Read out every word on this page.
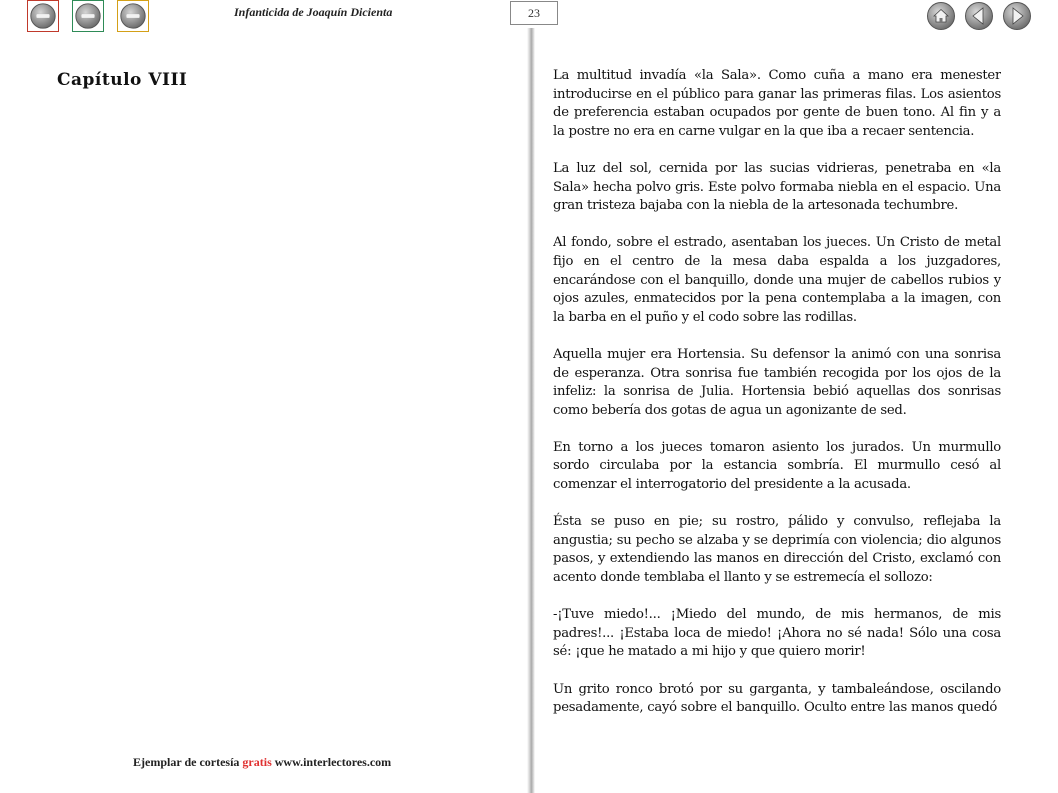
Infanticida de Joaquín Dicienta	23
Capítulo VIII	La multitud invadía «la Sala». Como cuña a mano era menester introducirse en el público para ganar las primeras filas. Los asientos de preferencia estaban ocupados por gente de buen tono. Al fin y a la postre no era en carne vulgar en la que iba a recaer sentencia.

La luz del sol, cernida por las sucias vidrieras, penetraba en «la Sala» hecha polvo gris. Este polvo formaba niebla en el espacio. Una gran tristeza bajaba con la niebla de la artesonada techumbre.

Al fondo, sobre el estrado, asentaban los jueces. Un Cristo de metal fijo en el centro de la mesa daba espalda a los juzgadores, encarándose con el banquillo, donde una mujer de cabellos rubios y ojos azules, enmatecidos por la pena contemplaba a la imagen, con la barba en el puño y el codo sobre las rodillas.

Aquella mujer era Hortensia. Su defensor la animó con una sonrisa de esperanza. Otra sonrisa fue también recogida por los ojos de la infeliz: la sonrisa de Julia. Hortensia bebió aquellas dos sonrisas como bebería dos gotas de agua un agonizante de sed.

En torno a los jueces tomaron asiento los jurados. Un murmullo sordo circulaba por la estancia sombría. El murmullo cesó al comenzar el interrogatorio del presidente a la acusada.

Ésta se puso en pie; su rostro, pálido y convulso, reflejaba la angustia; su pecho se alzaba y se deprimía con violencia; dio algunos pasos, y extendiendo las manos en dirección del Cristo, exclamó con acento donde temblaba el llanto y se estremecía el sollozo:

-¡Tuve miedo!... ¡Miedo del mundo, de mis hermanos, de mis padres!... ¡Estaba loca de miedo! ¡Ahora no sé nada! Sólo una cosa sé: ¡que he matado a mi hijo y que quiero morir!

Un grito ronco brotó por su garganta, y tambaleándose, oscilando pesadamente, cayó sobre el banquillo. Oculto entre las manos quedó

Ejemplar de cortesía gratis www.interlectores.com
